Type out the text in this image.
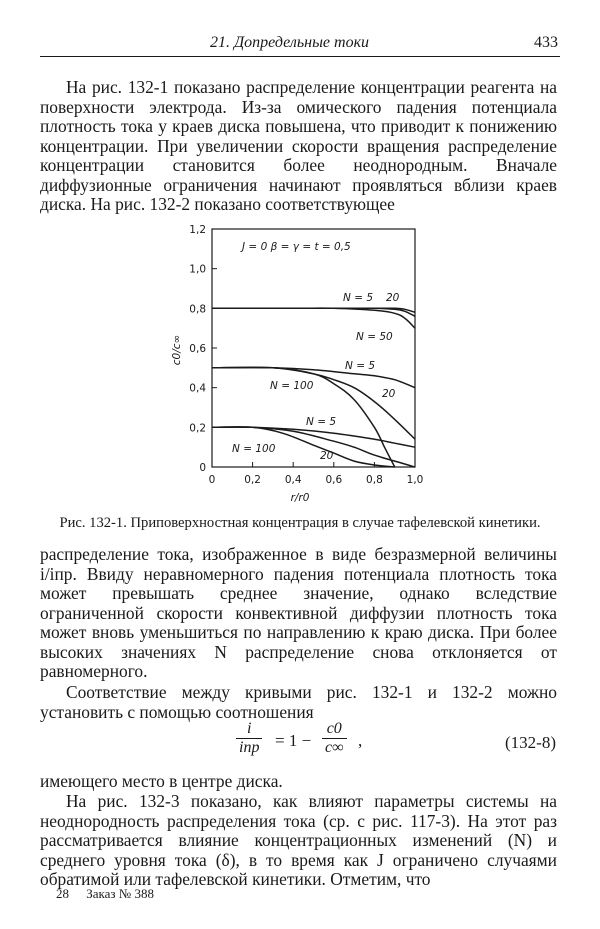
21. Допредельные токи	433

На рис. 132-1 показано распределение концентрации реагента на поверхности электрода. Из-за омического падения потенциала плотность тока у краев диска повышена, что приводит к понижению концентрации. При увеличении скорости вращения распределение концентрации становится более неоднородным. Вначале диффузионные ограничения начинают проявляться вблизи краев диска. На рис. 132-2 показано соответствующее

0
0,2
0,4
0,6
0,8
1,0
1,2
0	0,2 0,4 0,6 0,8 1,0
J = 0 β = γ = t = 0,5
N = 5 20
N = 50
N = 5
N = 100
20
N = 5
N = 100
20
r/r0
c0/c∞
Рис. 132-1. Приповерхностная концентрация в случае тафелевской кинетики.

распределение тока, изображенное в виде безразмерной величины i/iпр. Ввиду неравномерного падения потенциала плотность тока может превышать среднее значение, однако вследствие ограниченной скорости конвективной диффузии плотность тока может вновь уменьшиться по направлению к краю диска. При более высоких значениях N распределение снова отклоняется от равномерного.

Соответствие между кривыми рис. 132-1 и 132-2 можно установить с помощью соотношения

i
iпр = 1 −
c0
c∞ ,	(132-8)

имеющего место в центре диска.

На рис. 132-3 показано, как влияют параметры системы на неоднородность распределения тока (ср. с рис. 117-3). На этот раз рассматривается влияние концентрационных изменений (N) и среднего уровня тока (δ), в то время как J ограничено случаями обратимой или тафелевской кинетики. Отметим, что

28 Заказ № 388
